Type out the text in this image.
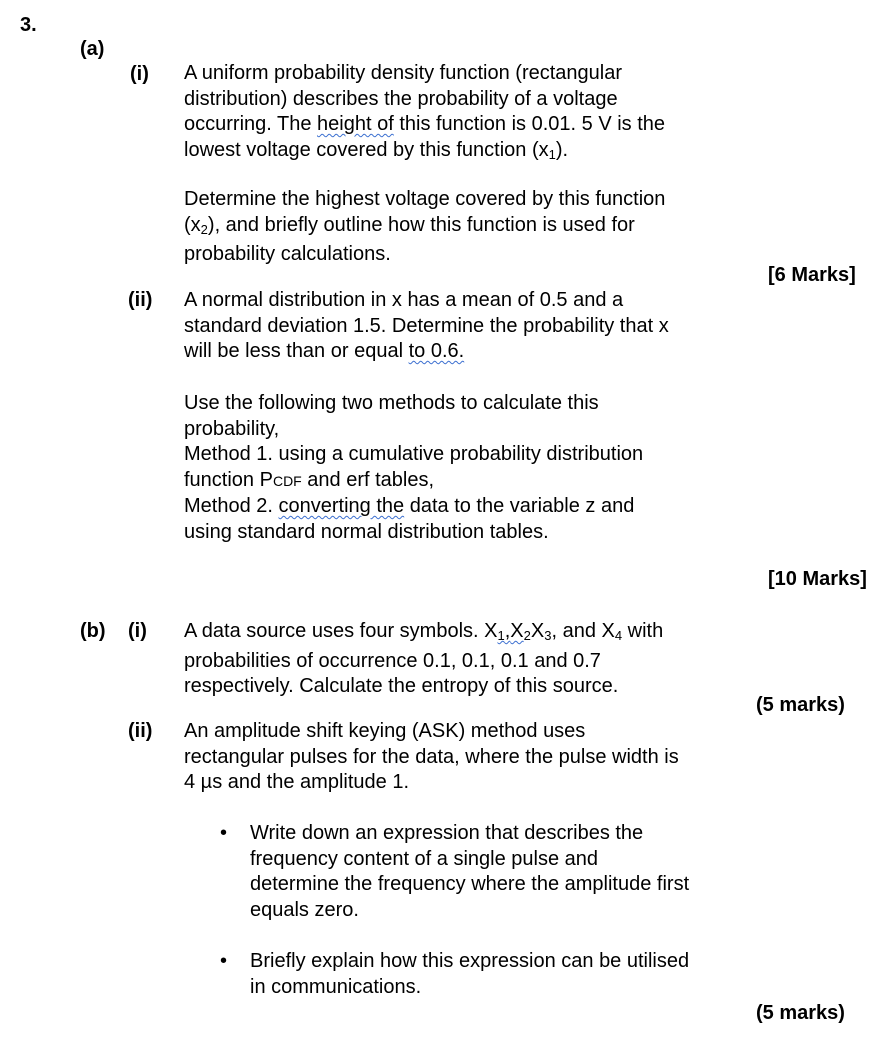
3.
(a)
(i) A uniform probability density function (rectangular
distribution) describes the probability of a voltage
occurring. The height of this function is 0.01. 5 V is the
lowest voltage covered by this function $(x_1)$.
Determine the highest voltage covered by this function
$(x_2)$, and briefly outline how this function is used for
probability calculations.
[6 Marks]
(ii) A normal distribution in x has a mean of 0.5 and a
standard deviation 1.5. Determine the probability that x
will be less than or equal to 0.6.
Use the following two methods to calculate this
probability,
Method 1. using a cumulative probability distribution
function PCDF and erf tables,
Method 2. converting the data to the variable z and
using standard normal distribution tables.
[10 Marks]
(b) (i) A data source uses four symbols. $X_1,X_2X_3$, and $X_4$ with
probabilities of occurrence 0.1, 0.1, 0.1 and 0.7
respectively. Calculate the entropy of this source.
(5 marks)
(ii) An amplitude shift keying (ASK) method uses
rectangular pulses for the data, where the pulse width is
4 µs and the amplitude 1.
• Write down an expression that describes the
frequency content of a single pulse and
determine the frequency where the amplitude first
equals zero.
• Briefly explain how this expression can be utilised
in communications.
(5 marks)
